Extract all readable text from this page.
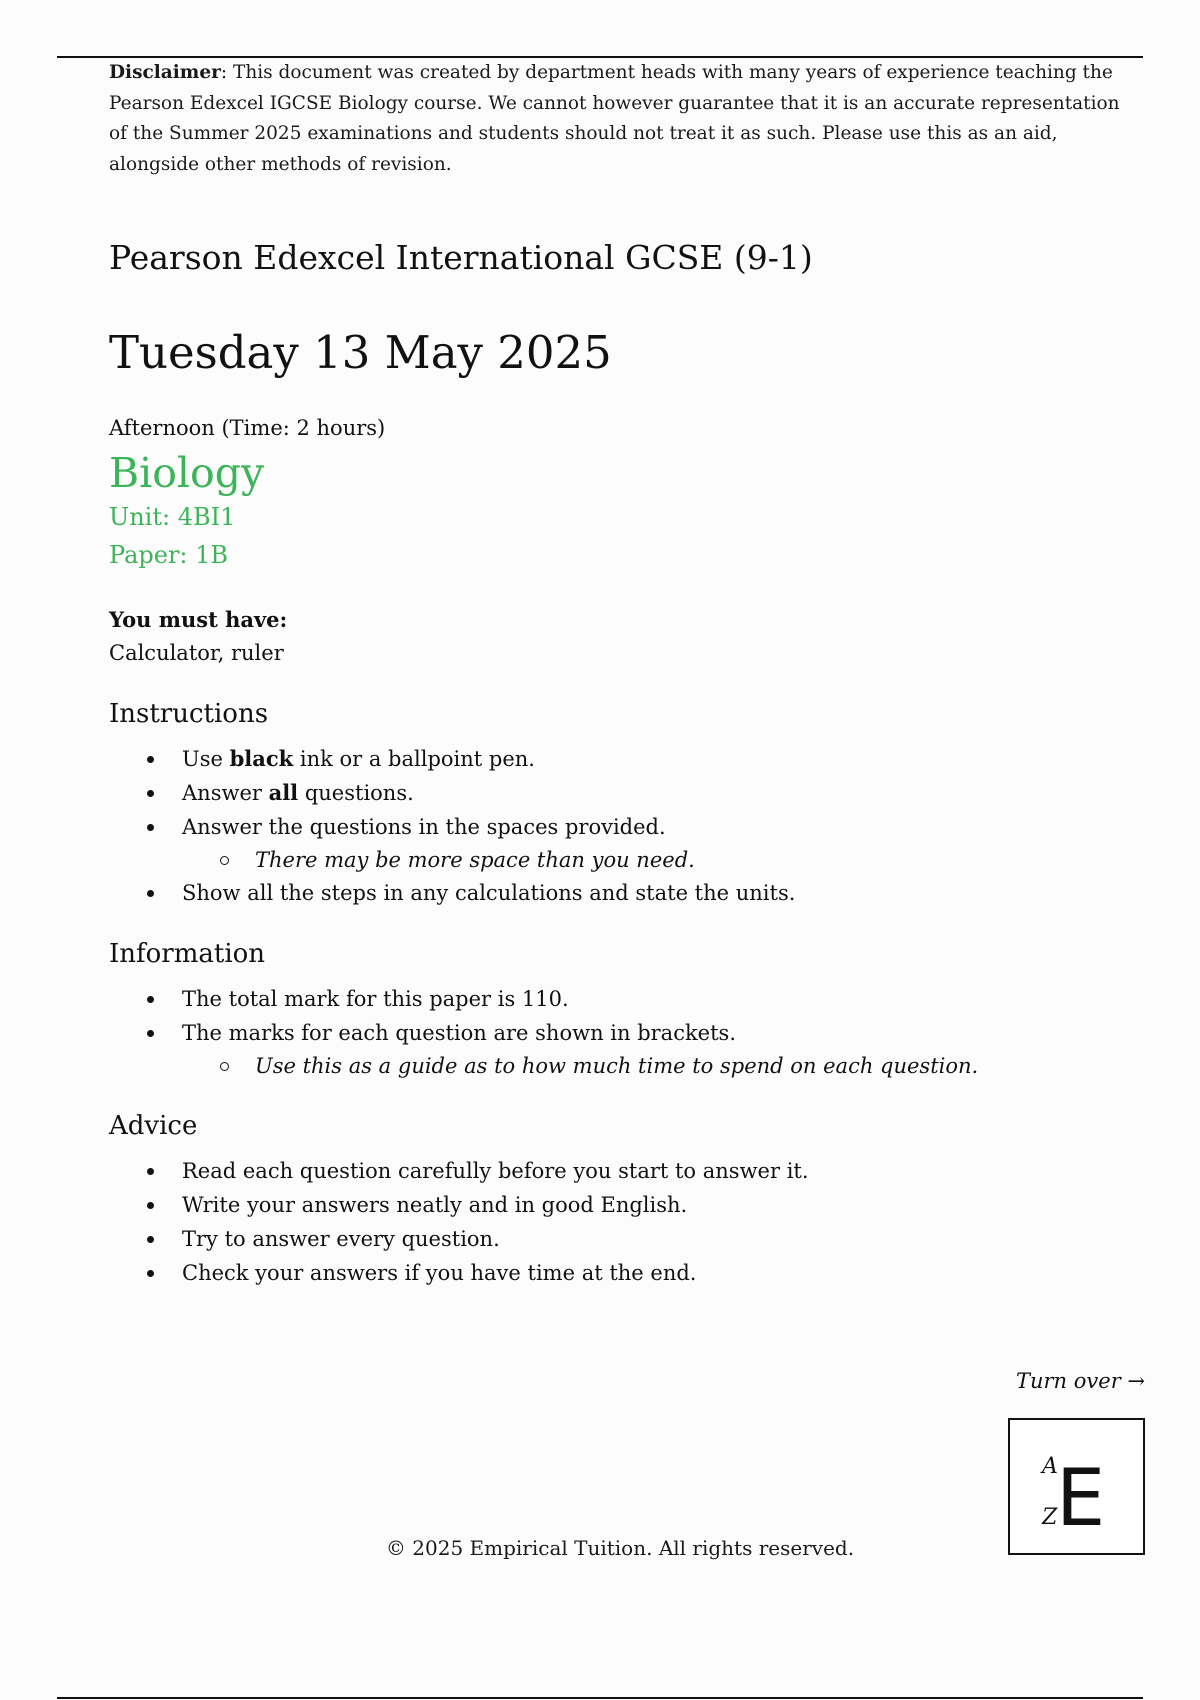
Disclaimer: This document was created by department heads with many years of experience teaching the Pearson Edexcel IGCSE Biology course. We cannot however guarantee that it is an accurate representation of the Summer 2025 examinations and students should not treat it as such. Please use this as an aid, alongside other methods of revision.

Pearson Edexcel International GCSE (9-1)
Tuesday 13 May 2025
Afternoon (Time: 2 hours)
Biology
Unit: 4BI1
Paper: 1B
You must have:
Calculator, ruler
Instructions
Use black ink or a ballpoint pen.
Answer all questions.
Answer the questions in the spaces provided.
There may be more space than you need.
Show all the steps in any calculations and state the units.
Information
The total mark for this paper is 110.
The marks for each question are shown in brackets.
Use this as a guide as to how much time to spend on each question.
Advice
Read each question carefully before you start to answer it.
Write your answers neatly and in good English.
Try to answer every question.
Check your answers if you have time at the end.
Turn over →
A
E
Z
© 2025 Empirical Tuition. All rights reserved.
